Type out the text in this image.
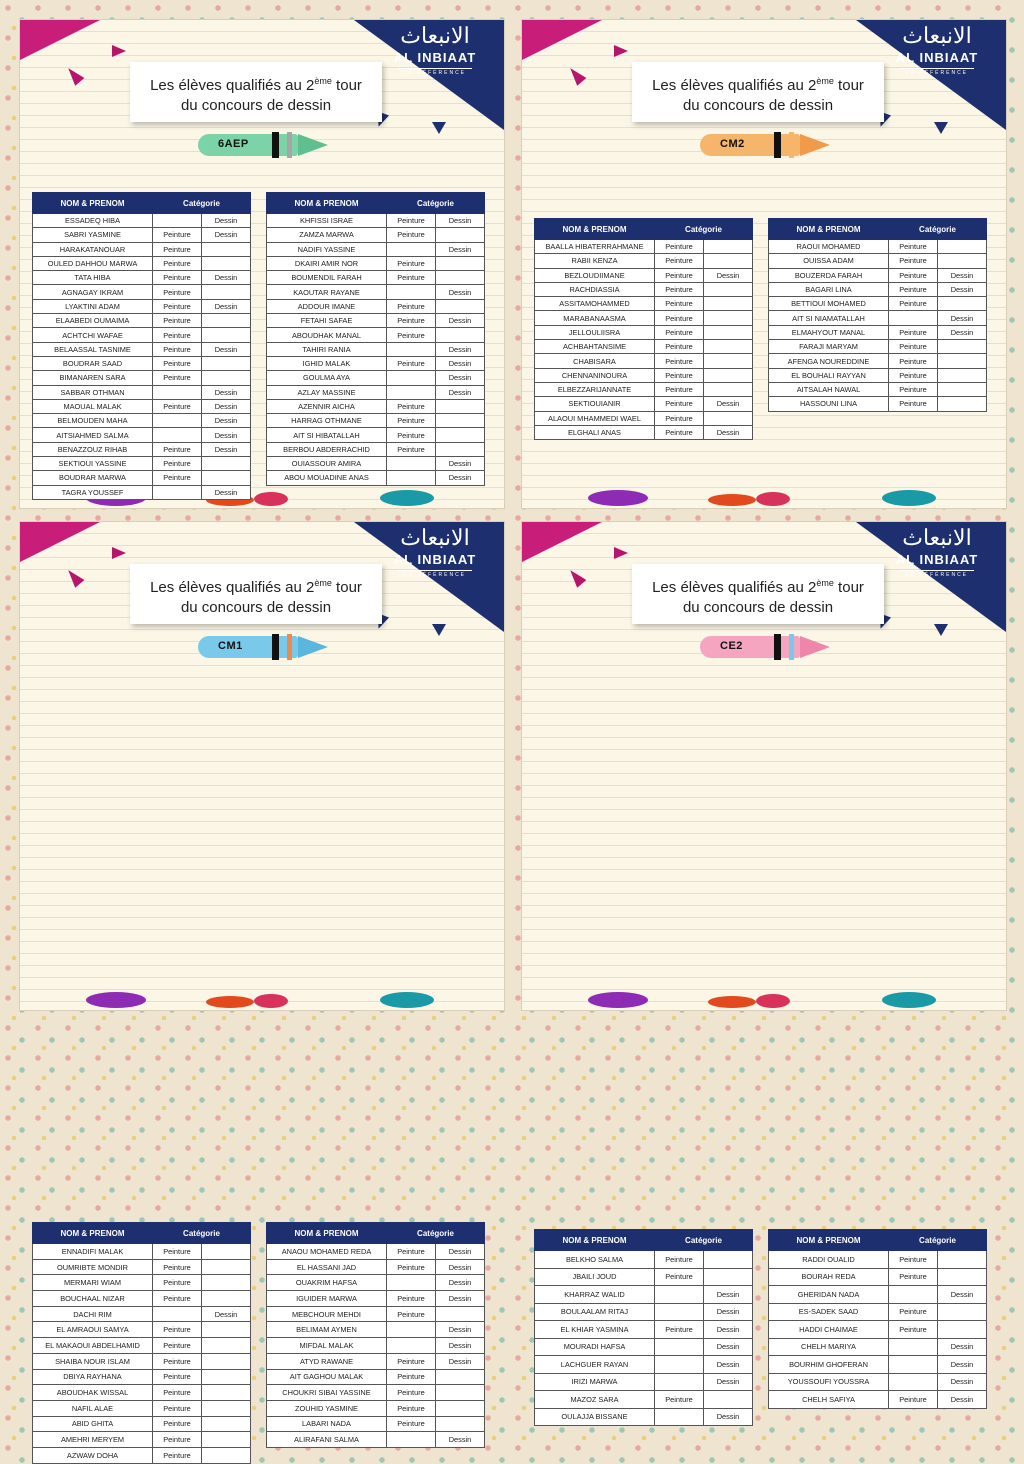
الانبعاث
AL INBIAAT
LA RÉFÉRENCE
Les élèves qualifiés au 2ème tour
du concours de dessin
6AEP
NOM & PRENOM	Catégorie	
ESSADEQ HIBA		Dessin
SABRI YASMINE	Peinture	Dessin
HARAKATANOUAR	Peinture	
OULED DAHHOU MARWA	Peinture	
TATA HIBA	Peinture	Dessin
AGNAGAY IKRAM	Peinture	
LYAKTINI ADAM	Peinture	Dessin
ELAABEDI OUMAIMA	Peinture	
ACHTCHI WAFAE	Peinture	
BELAASSAL TASNIME	Peinture	Dessin
BOUDRAR SAAD	Peinture	
BIMANAREN SARA	Peinture	
SABBAR OTHMAN		Dessin
MAOUAL MALAK	Peinture	Dessin
BELMOUDEN MAHA		Dessin
AITSIAHMED SALMA		Dessin
BENAZZOUZ RIHAB	Peinture	Dessin
SEKTIOUI YASSINE	Peinture	
BOUDRAR MARWA	Peinture	
TAGRA YOUSSEF		Dessin
NOM & PRENOM	Catégorie	
KHFISSI ISRAE	Peinture	Dessin
ZAMZA MARWA	Peinture	
NADIFI YASSINE		Dessin
DKAIRI AMIR NOR	Peinture	
BOUMENDIL FARAH	Peinture	
KAOUTAR RAYANE		Dessin
ADDOUR IMANE	Peinture	
FETAHI SAFAE	Peinture	Dessin
ABOUDHAK MANAL	Peinture	
TAHIRI RANIA		Dessin
IGHID MALAK	Peinture	Dessin
GOULMA AYA		Dessin
AZLAY MASSINE		Dessin
AZENNIR AICHA	Peinture	
HARRAG OTHMANE	Peinture	
AIT SI HIBATALLAH	Peinture	
BERBOU ABDERRACHID	Peinture	
OUIASSOUR AMIRA		Dessin
ABOU MOUADINE ANAS		Dessin
الانبعاث
AL INBIAAT
LA RÉFÉRENCE
Les élèves qualifiés au 2ème tour
du concours de dessin
CM2
NOM & PRENOM	Catégorie	
BAALLA HIBATERRAHMANE	Peinture	
RABII KENZA	Peinture	
BEZLOUDIIMANE	Peinture	Dessin
RACHDIASSIA	Peinture	
ASSITAMOHAMMED	Peinture	
MARABANAASMA	Peinture	
JELLOULIISRA	Peinture	
ACHBAHTANSIME	Peinture	
CHABISARA	Peinture	
CHENNANINOURA	Peinture	
ELBEZZARIJANNATE	Peinture	
SEKTIOUIANIR	Peinture	Dessin
ALAOUI MHAMMEDI WAEL	Peinture	
ELGHALI ANAS	Peinture	Dessin
NOM & PRENOM	Catégorie	
RAOUI MOHAMED	Peinture	
OUISSA ADAM	Peinture	
BOUZERDA FARAH	Peinture	Dessin
BAGARI LINA	Peinture	Dessin
BETTIOUI MOHAMED	Peinture	
AIT SI NIAMATALLAH		Dessin
ELMAHYOUT MANAL	Peinture	Dessin
FARAJI MARYAM	Peinture	
AFENGA NOUREDDINE	Peinture	
EL BOUHALI RAYYAN	Peinture	
AITSALAH NAWAL	Peinture	
HASSOUNI LINA	Peinture	
الانبعاث
AL INBIAAT
LA RÉFÉRENCE
Les élèves qualifiés au 2ème tour
du concours de dessin
CM1
NOM & PRENOM	Catégorie	
ENNADIFI MALAK	Peinture	
OUMRIBTE MONDIR	Peinture	
MERMARI WIAM	Peinture	
BOUCHAAL NIZAR	Peinture	
DACHI RIM		Dessin
EL AMRAOUI SAMYA	Peinture	
EL MAKAOUI ABDELHAMID	Peinture	
SHAIBA NOUR ISLAM	Peinture	
DBIYA RAYHANA	Peinture	
ABOUDHAK WISSAL	Peinture	
NAFIL ALAE	Peinture	
ABID GHITA	Peinture	
AMEHRI MERYEM	Peinture	
AZWAW DOHA	Peinture	
NOM & PRENOM	Catégorie	
ANAOU MOHAMED REDA	Peinture	Dessin
EL HASSANI JAD	Peinture	Dessin
OUAKRIM HAFSA		Dessin
IGUIDER MARWA	Peinture	Dessin
MEBCHOUR MEHDI	Peinture	
BELIMAM AYMEN		Dessin
MIFDAL MALAK		Dessin
ATYD RAWANE	Peinture	Dessin
AIT GAGHOU MALAK	Peinture	
CHOUKRI SIBAI YASSINE	Peinture	
ZOUHID YASMINE	Peinture	
LABARI NADA	Peinture	
ALIRAFANI SALMA		Dessin
الانبعاث
AL INBIAAT
LA RÉFÉRENCE
Les élèves qualifiés au 2ème tour
du concours de dessin
CE2
NOM & PRENOM	Catégorie	
BELKHO SALMA	Peinture	
JBAILI JOUD	Peinture	
KHARRAZ WALID		Dessin
BOULAALAM RITAJ		Dessin
EL KHIAR YASMINA	Peinture	Dessin
MOURADI HAFSA		Dessin
LACHGUER RAYAN		Dessin
IRIZI MARWA		Dessin
MAZOZ SARA	Peinture	
OULAJJA BISSANE		Dessin
NOM & PRENOM	Catégorie	
RADDI OUALID	Peinture	
BOURAH REDA	Peinture	
GHERIDAN NADA		Dessin
ES-SADEK SAAD	Peinture	
HADDI CHAIMAE	Peinture	
CHELH MARIYA		Dessin
BOURHIM GHOFERAN		Dessin
YOUSSOUFI YOUSSRA		Dessin
CHELH SAFIYA	Peinture	Dessin
